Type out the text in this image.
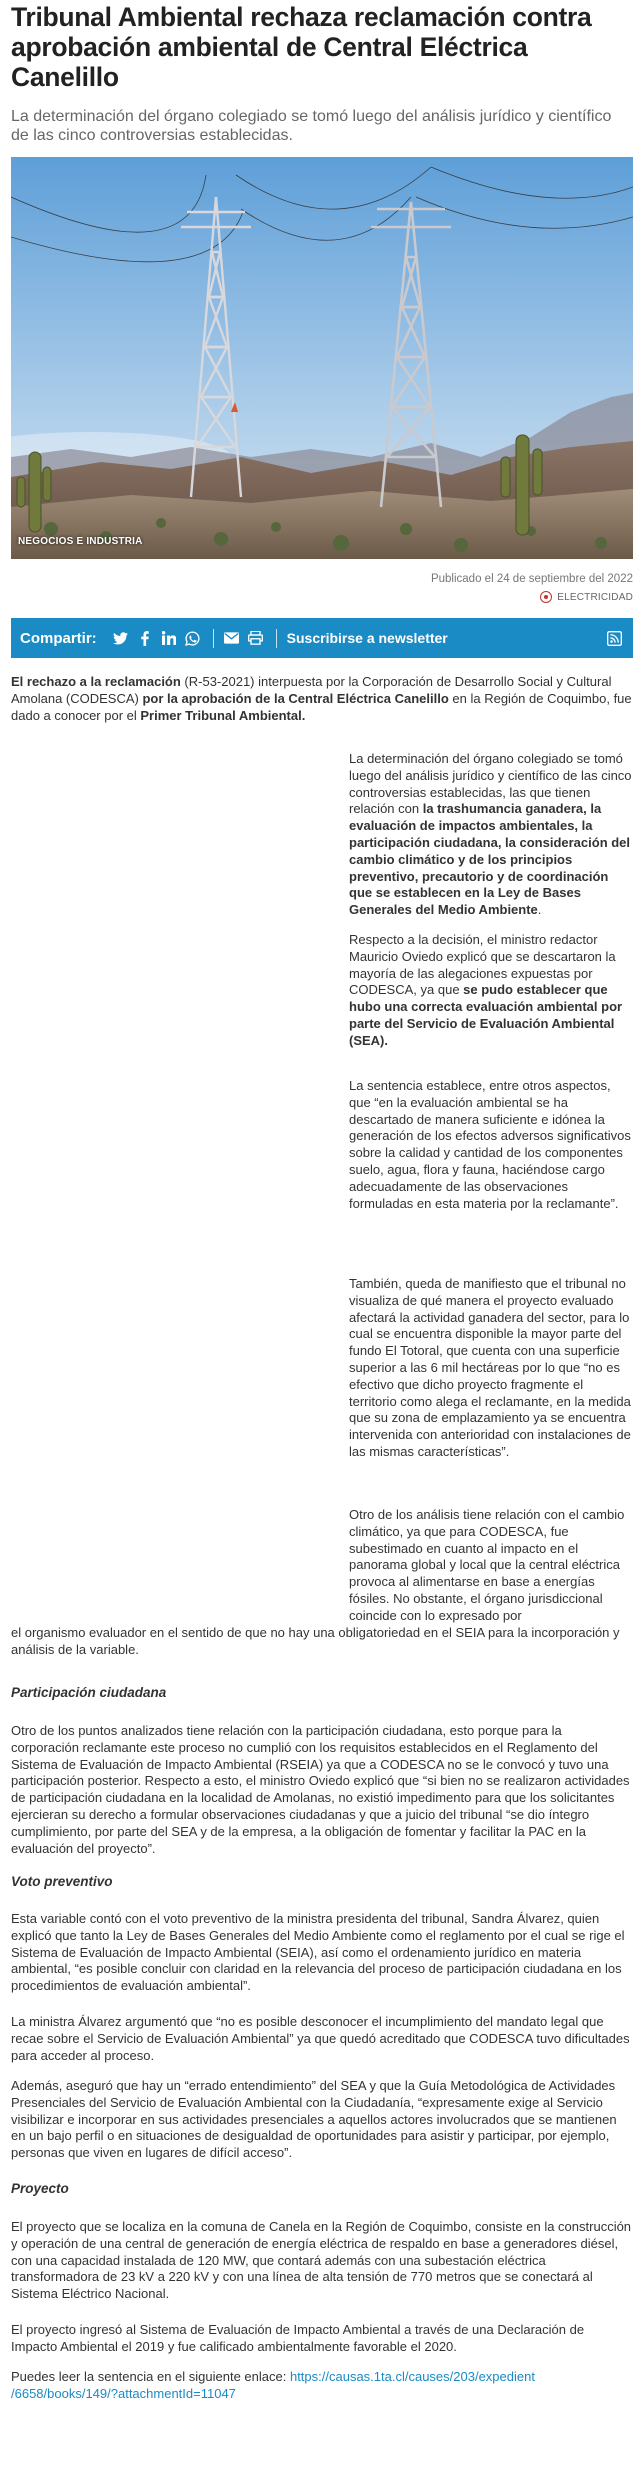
Tribunal Ambiental rechaza reclamación contra aprobación ambiental de Central Eléctrica Canelillo

La determinación del órgano colegiado se tomó luego del análisis jurídico y científico de las cinco controversias establecidas.

NEGOCIOS E INDUSTRIA
Publicado el 24 de septiembre del 2022
ELECTRICIDAD
Compartir:	Suscribirse a newsletter

El rechazo a la reclamación (R-53-2021) interpuesta por la Corporación de Desarrollo Social y Cultural Amolana (CODESCA) por la aprobación de la Central Eléctrica Canelillo en la Región de Coquimbo, fue dado a conocer por el Primer Tribunal Ambiental.

La determinación del órgano colegiado se tomó luego del análisis jurídico y científico de las cinco controversias establecidas, las que tienen relación con la trashumancia ganadera, la evaluación de impactos ambientales, la participación ciudadana, la consideración del cambio climático y de los principios preventivo, precautorio y de coordinación que se establecen en la Ley de Bases Generales del Medio Ambiente.

Respecto a la decisión, el ministro redactor Mauricio Oviedo explicó que se descartaron la mayoría de las alegaciones expuestas por CODESCA, ya que se pudo establecer que hubo una correcta evaluación ambiental por parte del Servicio de Evaluación Ambiental (SEA).

La sentencia establece, entre otros aspectos, que “en la evaluación ambiental se ha descartado de manera suficiente e idónea la generación de los efectos adversos significativos sobre la calidad y cantidad de los componentes suelo, agua, flora y fauna, haciéndose cargo adecuadamente de las observaciones formuladas en esta materia por la reclamante”.

También, queda de manifiesto que el tribunal no visualiza de qué manera el proyecto evaluado afectará la actividad ganadera del sector, para lo cual se encuentra disponible la mayor parte del fundo El Totoral, que cuenta con una superficie superior a las 6 mil hectáreas por lo que “no es efectivo que dicho proyecto fragmente el territorio como alega el reclamante, en la medida que su zona de emplazamiento ya se encuentra intervenida con anterioridad con instalaciones de las mismas características”.

Otro de los análisis tiene relación con el cambio climático, ya que para CODESCA, fue subestimado en cuanto al impacto en el panorama global y local que la central eléctrica provoca al alimentarse en base a energías fósiles. No obstante, el órgano jurisdiccional coincide con lo expresado por

el organismo evaluador en el sentido de que no hay una obligatoriedad en el SEIA para la incorporación y análisis de la variable.

Participación ciudadana

Otro de los puntos analizados tiene relación con la participación ciudadana, esto porque para la corporación reclamante este proceso no cumplió con los requisitos establecidos en el Reglamento del Sistema de Evaluación de Impacto Ambiental (RSEIA) ya que a CODESCA no se le convocó y tuvo una participación posterior. Respecto a esto, el ministro Oviedo explicó que “si bien no se realizaron actividades de participación ciudadana en la localidad de Amolanas, no existió impedimento para que los solicitantes ejercieran su derecho a formular observaciones ciudadanas y que a juicio del tribunal “se dio íntegro cumplimiento, por parte del SEA y de la empresa, a la obligación de fomentar y facilitar la PAC en la evaluación del proyecto”.

Voto preventivo

Esta variable contó con el voto preventivo de la ministra presidenta del tribunal, Sandra Álvarez, quien explicó que tanto la Ley de Bases Generales del Medio Ambiente como el reglamento por el cual se rige el Sistema de Evaluación de Impacto Ambiental (SEIA), así como el ordenamiento jurídico en materia ambiental, “es posible concluir con claridad en la relevancia del proceso de participación ciudadana en los procedimientos de evaluación ambiental”.

La ministra Álvarez argumentó que “no es posible desconocer el incumplimiento del mandato legal que recae sobre el Servicio de Evaluación Ambiental” ya que quedó acreditado que CODESCA tuvo dificultades para acceder al proceso.

Además, aseguró que hay un “errado entendimiento” del SEA y que la Guía Metodológica de Actividades Presenciales del Servicio de Evaluación Ambiental con la Ciudadanía, “expresamente exige al Servicio visibilizar e incorporar en sus actividades presenciales a aquellos actores involucrados que se mantienen en un bajo perfil o en situaciones de desigualdad de oportunidades para asistir y participar, por ejemplo, personas que viven en lugares de difícil acceso”.

Proyecto

El proyecto que se localiza en la comuna de Canela en la Región de Coquimbo, consiste en la construcción y operación de una central de generación de energía eléctrica de respaldo en base a generadores diésel, con una capacidad instalada de 120 MW, que contará además con una subestación eléctrica transformadora de 23 kV a 220 kV y con una línea de alta tensión de 770 metros que se conectará al Sistema Eléctrico Nacional.

El proyecto ingresó al Sistema de Evaluación de Impacto Ambiental a través de una Declaración de Impacto Ambiental el 2019 y fue calificado ambientalmente favorable el 2020.

Puedes leer la sentencia en el siguiente enlace: https://causas.1ta.cl/causes/203/expedient
/6658/books/149/?attachmentId=11047
